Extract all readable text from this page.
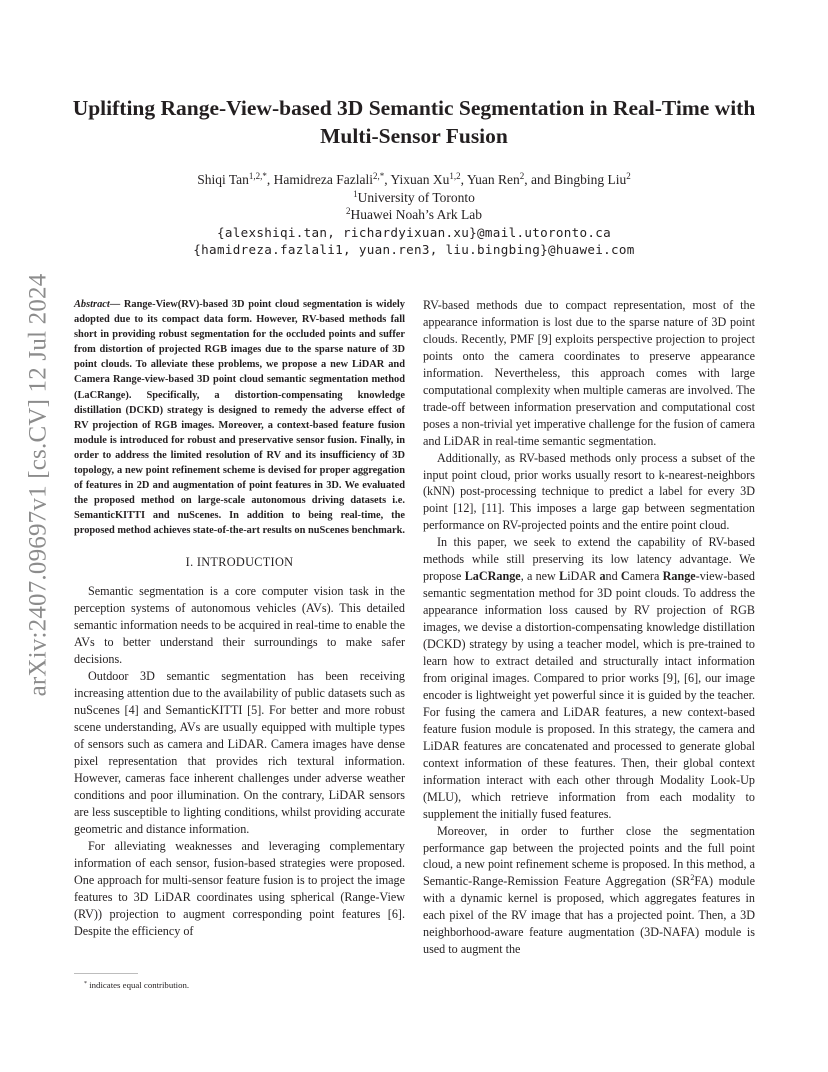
arXiv:2407.09697v1 [cs.CV] 12 Jul 2024
Uplifting Range-View-based 3D Semantic Segmentation in Real-Time with Multi-Sensor Fusion
Shiqi Tan$^{1,2,*}$, Hamidreza Fazlali$^{2,*}$, Yixuan Xu$^{1,2}$, Yuan Ren$^2$, and Bingbing Liu$^2$
$^1$University of Toronto
$^2$Huawei Noah’s Ark Lab
{alexshiqi.tan, richardyixuan.xu}@mail.utoronto.ca
{hamidreza.fazlali1, yuan.ren3, liu.bingbing}@huawei.com

Abstract— Range-View(RV)-based 3D point cloud segmentation is widely adopted due to its compact data form. However, RV-based methods fall short in providing robust segmentation for the occluded points and suffer from distortion of projected RGB images due to the sparse nature of 3D point clouds. To alleviate these problems, we propose a new LiDAR and Camera Range-view-based 3D point cloud semantic segmentation method (LaCRange). Specifically, a distortion-compensating knowledge distillation (DCKD) strategy is designed to remedy the adverse effect of RV projection of RGB images. Moreover, a context-based feature fusion module is introduced for robust and preservative sensor fusion. Finally, in order to address the limited resolution of RV and its insufficiency of 3D topology, a new point refinement scheme is devised for proper aggregation of features in 2D and augmentation of point features in 3D. We evaluated the proposed method on large-scale autonomous driving datasets i.e. SemanticKITTI and nuScenes. In addition to being real-time, the proposed method achieves state-of-the-art results on nuScenes benchmark.

I. INTRODUCTION

Semantic segmentation is a core computer vision task in the perception systems of autonomous vehicles (AVs). This detailed semantic information needs to be acquired in real-time to enable the AVs to better understand their surroundings to make safer decisions.

Outdoor 3D semantic segmentation has been receiving increasing attention due to the availability of public datasets such as nuScenes [4] and SemanticKITTI [5]. For better and more robust scene understanding, AVs are usually equipped with multiple types of sensors such as camera and LiDAR. Camera images have dense pixel representation that provides rich textural information. However, cameras face inherent challenges under adverse weather conditions and poor illumination. On the contrary, LiDAR sensors are less susceptible to lighting conditions, whilst providing accurate geometric and distance information.

For alleviating weaknesses and leveraging complementary information of each sensor, fusion-based strategies were proposed. One approach for multi-sensor feature fusion is to project the image features to 3D LiDAR coordinates using spherical (Range-View (RV)) projection to augment corresponding point features [6]. Despite the efficiency of

RV-based methods due to compact representation, most of the appearance information is lost due to the sparse nature of 3D point clouds. Recently, PMF [9] exploits perspective projection to project points onto the camera coordinates to preserve appearance information. Nevertheless, this approach comes with large computational complexity when multiple cameras are involved. The trade-off between information preservation and computational cost poses a non-trivial yet imperative challenge for the fusion of camera and LiDAR in real-time semantic segmentation.

Additionally, as RV-based methods only process a subset of the input point cloud, prior works usually resort to k-nearest-neighbors (kNN) post-processing technique to predict a label for every 3D point [12], [11]. This imposes a large gap between segmentation performance on RV-projected points and the entire point cloud.

In this paper, we seek to extend the capability of RV-based methods while still preserving its low latency advantage. We propose LaCRange, a new LiDAR and Camera Range-view-based semantic segmentation method for 3D point clouds. To address the appearance information loss caused by RV projection of RGB images, we devise a distortion-compensating knowledge distillation (DCKD) strategy by using a teacher model, which is pre-trained to learn how to extract detailed and structurally intact information from original images. Compared to prior works [9], [6], our image encoder is lightweight yet powerful since it is guided by the teacher. For fusing the camera and LiDAR features, a new context-based feature fusion module is proposed. In this strategy, the camera and LiDAR features are concatenated and processed to generate global context information of these features. Then, their global context information interact with each other through Modality Look-Up (MLU), which retrieve information from each modality to supplement the initially fused features.

Moreover, in order to further close the segmentation performance gap between the projected points and the full point cloud, a new point refinement scheme is proposed. In this method, a Semantic-Range-Remission Feature Aggregation $(SR^2FA)$ module with a dynamic kernel is proposed, which aggregates features in each pixel of the RV image that has a projected point. Then, a 3D neighborhood-aware feature augmentation (3D-NAFA) module is used to augment the

* indicates equal contribution.
